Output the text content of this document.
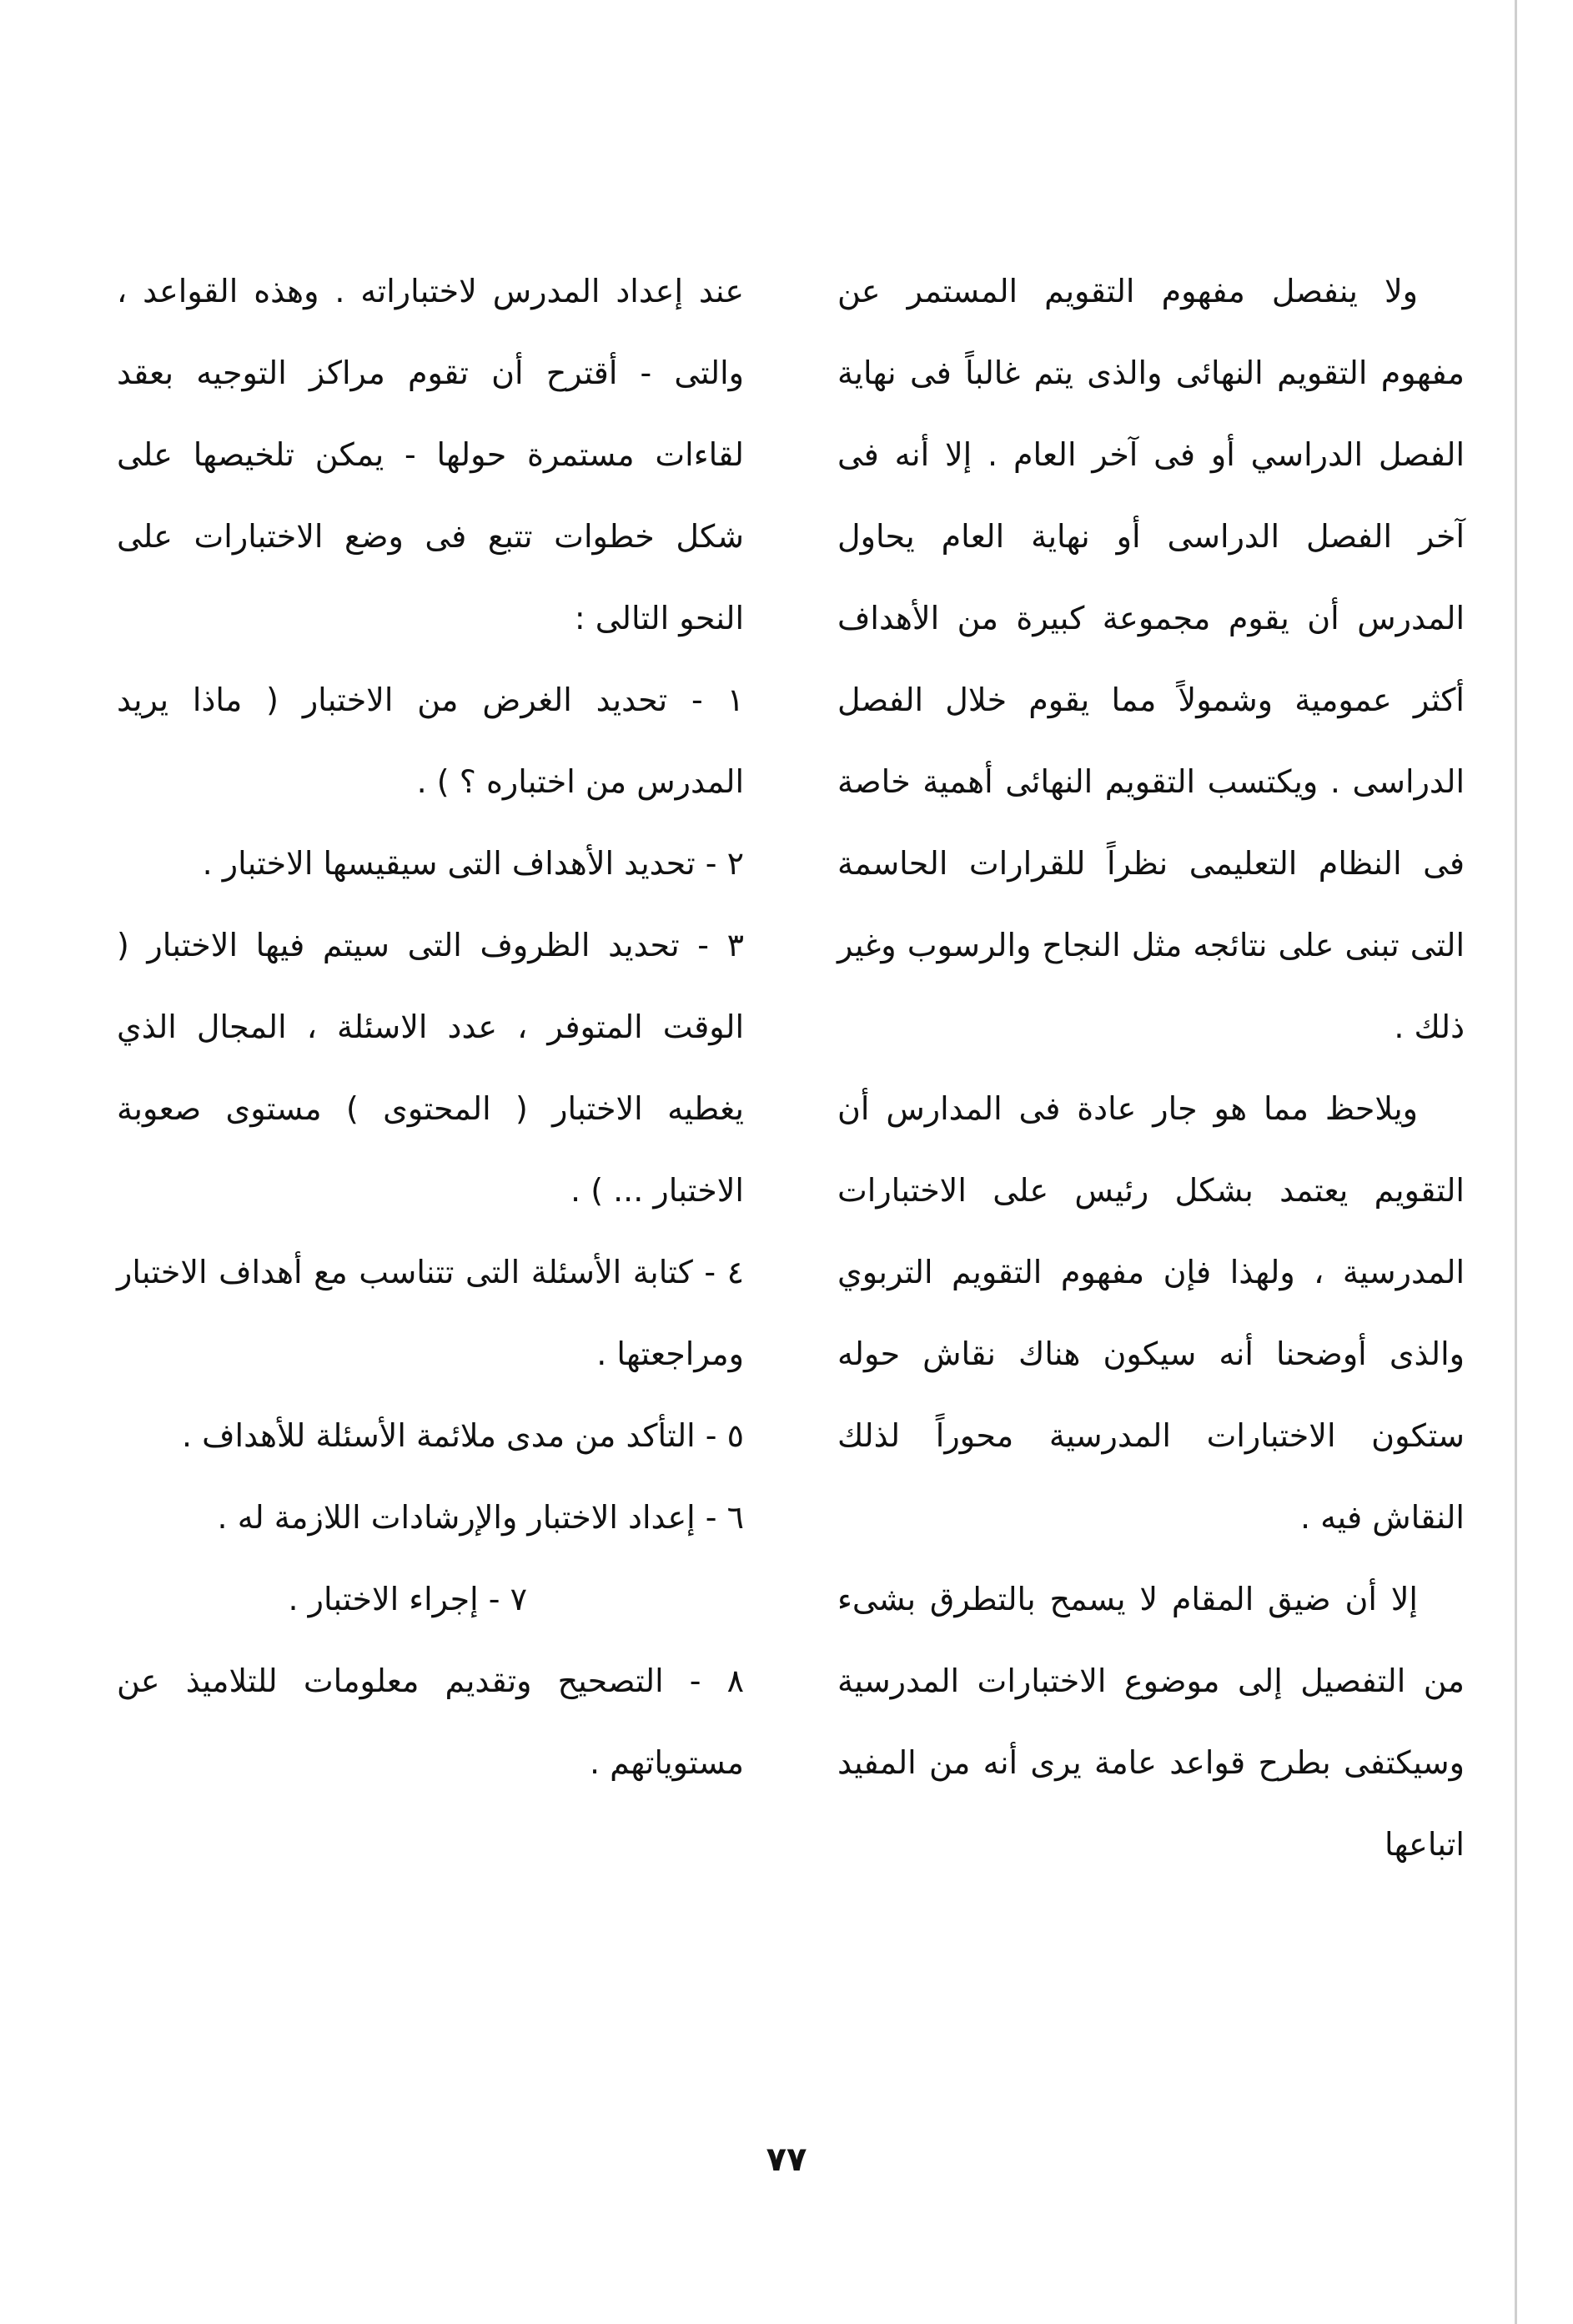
ولا ينفصل مفهوم التقويم المستمر عن مفهوم التقويم النهائى والذى يتم غالباً فى نهاية الفصل الدراسي أو فى آخر العام . إلا أنه فى آخر الفصل الدراسى أو نهاية العام يحاول المدرس أن يقوم مجموعة كبيرة من الأهداف أكثر عمومية وشمولاً مما يقوم خلال الفصل الدراسى . ويكتسب التقويم النهائى أهمية خاصة فى النظام التعليمى نظراً للقرارات الحاسمة التى تبنى على نتائجه مثل النجاح والرسوب وغير ذلك .

ويلاحظ مما هو جار عادة فى المدارس أن التقويم يعتمد بشكل رئيس على الاختبارات المدرسية ، ولهذا فإن مفهوم التقويم التربوي والذى أوضحنا أنه سيكون هناك نقاش حوله ستكون الاختبارات المدرسية محوراً لذلك النقاش فيه .

إلا أن ضيق المقام لا يسمح بالتطرق بشىء من التفصيل إلى موضوع الاختبارات المدرسية وسيكتفى بطرح قواعد عامة يرى أنه من المفيد اتباعها

عند إعداد المدرس لاختباراته . وهذه القواعد ، والتى - أقترح أن تقوم مراكز التوجيه بعقد لقاءات مستمرة حولها - يمكن تلخيصها على شكل خطوات تتبع فى وضع الاختبارات على النحو التالى :

١ - تحديد الغرض من الاختبار ( ماذا يريد المدرس من اختباره ؟ ) .

٢ - تحديد الأهداف التى سيقيسها الاختبار .

٣ - تحديد الظروف التى سيتم فيها الاختبار ( الوقت المتوفر ، عدد الاسئلة ، المجال الذي يغطيه الاختبار ( المحتوى ) مستوى صعوبة الاختبار ... ) .

٤ - كتابة الأسئلة التى تتناسب مع أهداف الاختبار ومراجعتها .

٥ - التأكد من مدى ملائمة الأسئلة للأهداف .

٦ - إعداد الاختبار والإرشادات اللازمة له .

٧ - إجراء الاختبار .

٨ - التصحيح وتقديم معلومات للتلاميذ عن مستوياتهم .

٧٧
